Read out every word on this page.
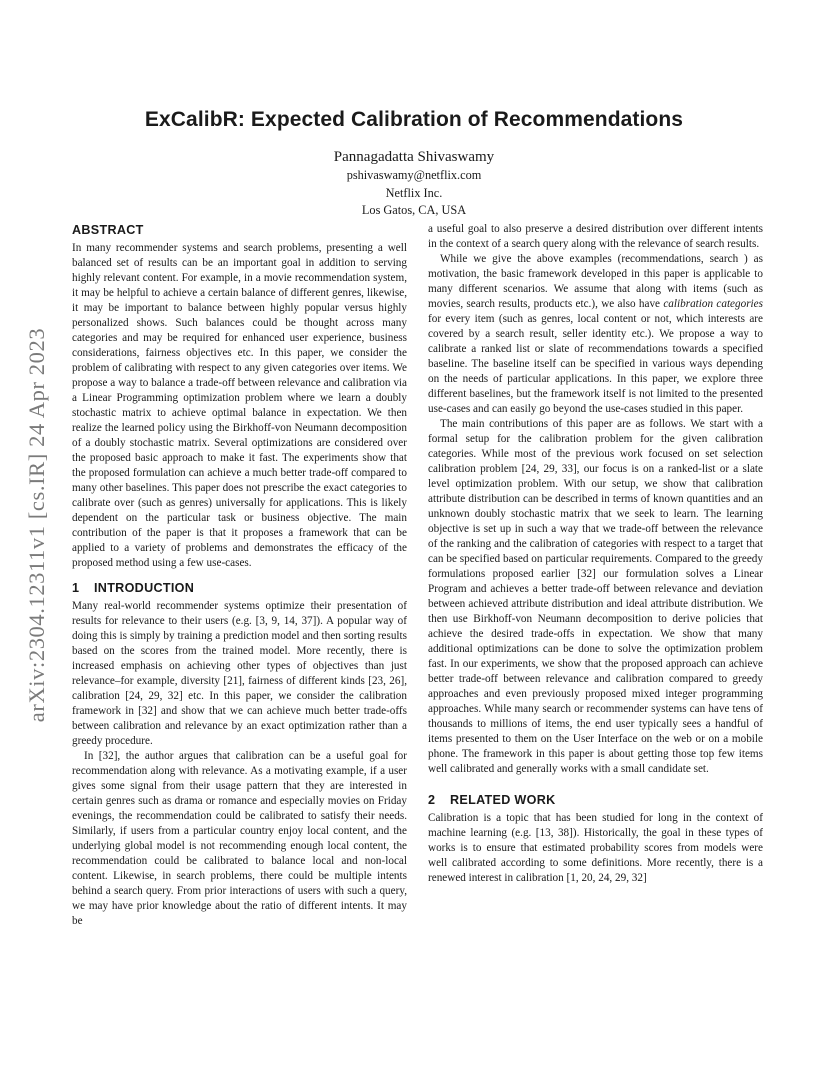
arXiv:2304.12311v1 [cs.IR] 24 Apr 2023
ExCalibR: Expected Calibration of Recommendations
Pannagadatta Shivaswamy
pshivaswamy@netflix.com
Netflix Inc.
Los Gatos, CA, USA
ABSTRACT

In many recommender systems and search problems, presenting a well balanced set of results can be an important goal in addition to serving highly relevant content. For example, in a movie recommendation system, it may be helpful to achieve a certain balance of different genres, likewise, it may be important to balance between highly popular versus highly personalized shows. Such balances could be thought across many categories and may be required for enhanced user experience, business considerations, fairness objectives etc. In this paper, we consider the problem of calibrating with respect to any given categories over items. We propose a way to balance a trade-off between relevance and calibration via a Linear Programming optimization problem where we learn a doubly stochastic matrix to achieve optimal balance in expectation. We then realize the learned policy using the Birkhoff-von Neumann decomposition of a doubly stochastic matrix. Several optimizations are considered over the proposed basic approach to make it fast. The experiments show that the proposed formulation can achieve a much better trade-off compared to many other baselines. This paper does not prescribe the exact categories to calibrate over (such as genres) universally for applications. This is likely dependent on the particular task or business objective. The main contribution of the paper is that it proposes a framework that can be applied to a variety of problems and demonstrates the efficacy of the proposed method using a few use-cases.

1 INTRODUCTION

Many real-world recommender systems optimize their presentation of results for relevance to their users (e.g. [3, 9, 14, 37]). A popular way of doing this is simply by training a prediction model and then sorting results based on the scores from the trained model. More recently, there is increased emphasis on achieving other types of objectives than just relevance–for example, diversity [21], fairness of different kinds [23, 26], calibration [24, 29, 32] etc. In this paper, we consider the calibration framework in [32] and show that we can achieve much better trade-offs between calibration and relevance by an exact optimization rather than a greedy procedure.

In [32], the author argues that calibration can be a useful goal for recommendation along with relevance. As a motivating example, if a user gives some signal from their usage pattern that they are interested in certain genres such as drama or romance and especially movies on Friday evenings, the recommendation could be calibrated to satisfy their needs. Similarly, if users from a particular country enjoy local content, and the underlying global model is not recommending enough local content, the recommendation could be calibrated to balance local and non-local content. Likewise, in search problems, there could be multiple intents behind a search query. From prior interactions of users with such a query, we may have prior knowledge about the ratio of different intents. It may be

a useful goal to also preserve a desired distribution over different intents in the context of a search query along with the relevance of search results.

While we give the above examples (recommendations, search ) as motivation, the basic framework developed in this paper is applicable to many different scenarios. We assume that along with items (such as movies, search results, products etc.), we also have calibration categories for every item (such as genres, local content or not, which interests are covered by a search result, seller identity etc.). We propose a way to calibrate a ranked list or slate of recommendations towards a specified baseline. The baseline itself can be specified in various ways depending on the needs of particular applications. In this paper, we explore three different baselines, but the framework itself is not limited to the presented use-cases and can easily go beyond the use-cases studied in this paper.

The main contributions of this paper are as follows. We start with a formal setup for the calibration problem for the given calibration categories. While most of the previous work focused on set selection calibration problem [24, 29, 33], our focus is on a ranked-list or a slate level optimization problem. With our setup, we show that calibration attribute distribution can be described in terms of known quantities and an unknown doubly stochastic matrix that we seek to learn. The learning objective is set up in such a way that we trade-off between the relevance of the ranking and the calibration of categories with respect to a target that can be specified based on particular requirements. Compared to the greedy formulations proposed earlier [32] our formulation solves a Linear Program and achieves a better trade-off between relevance and deviation between achieved attribute distribution and ideal attribute distribution. We then use Birkhoff-von Neumann decomposition to derive policies that achieve the desired trade-offs in expectation. We show that many additional optimizations can be done to solve the optimization problem fast. In our experiments, we show that the proposed approach can achieve better trade-off between relevance and calibration compared to greedy approaches and even previously proposed mixed integer programming approaches. While many search or recommender systems can have tens of thousands to millions of items, the end user typically sees a handful of items presented to them on the User Interface on the web or on a mobile phone. The framework in this paper is about getting those top few items well calibrated and generally works with a small candidate set.

2 RELATED WORK

Calibration is a topic that has been studied for long in the context of machine learning (e.g. [13, 38]). Historically, the goal in these types of works is to ensure that estimated probability scores from models were well calibrated according to some definitions. More recently, there is a renewed interest in calibration [1, 20, 24, 29, 32]
